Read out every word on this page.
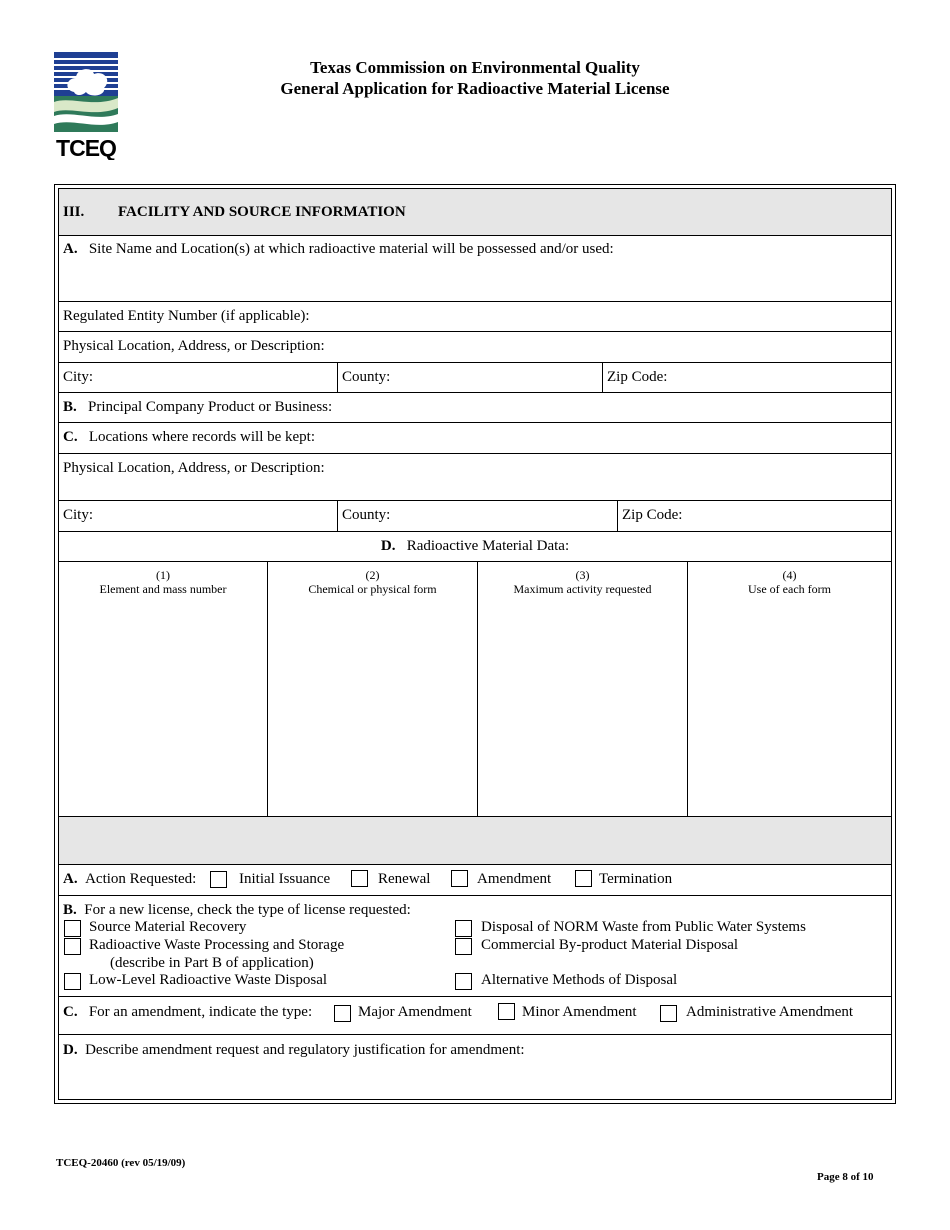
TCEQ
Texas Commission on Environmental Quality
General Application for Radioactive Material License
III. FACILITY AND SOURCE INFORMATION
A. Site Name and Location(s) at which radioactive material will be possessed and/or used:
Regulated Entity Number (if applicable):
Physical Location, Address, or Description:
City:	County:	Zip Code:
B. Principal Company Product or Business:
C. Locations where records will be kept:
Physical Location, Address, or Description:
City:	County:	Zip Code:
D. Radioactive Material Data:
(1)
Element and mass number
(2)
Chemical or physical form
(3)
Maximum activity requested
(4)
Use of each form
A. Action Requested:	Initial Issuance	Renewal	Amendment	Termination
B. For a new license, check the type of license requested:
Source Material Recovery
Radioactive Waste Processing and Storage
(describe in Part B of application)
Low-Level Radioactive Waste Disposal
Disposal of NORM Waste from Public Water Systems
Commercial By-product Material Disposal
Alternative Methods of Disposal
C. For an amendment, indicate the type:	Major Amendment	Minor Amendment	Administrative Amendment
D. Describe amendment request and regulatory justification for amendment:
TCEQ-20460 (rev 05/19/09)
Page 8 of 10
